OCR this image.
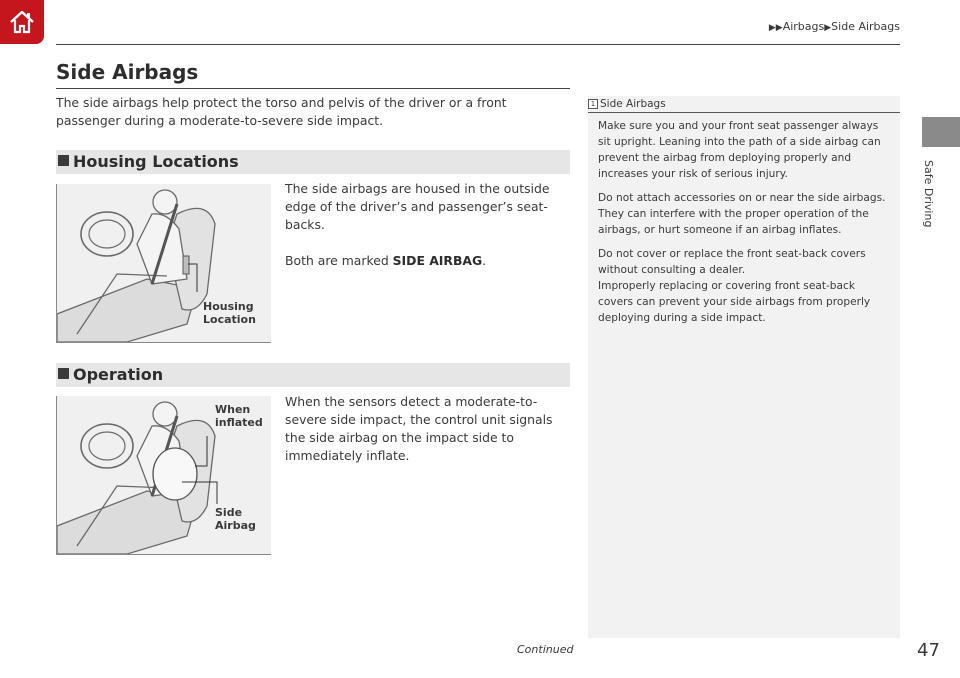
▶▶Airbags▶Side Airbags
Side Airbags
The side airbags help protect the torso and pelvis of the driver or a front passenger during a moderate-to-severe side impact.
Housing Locations
Housing
Location
The side airbags are housed in the outside edge of the driver’s and passenger’s seat-backs.
Both are marked SIDE AIRBAG.
Operation
When
inflated
Side
Airbag
When the sensors detect a moderate-to-severe side impact, the control unit signals the side airbag on the impact side to immediately inflate.
1 Side Airbags

Make sure you and your front seat passenger always sit upright. Leaning into the path of a side airbag can prevent the airbag from deploying properly and increases your risk of serious injury.

Do not attach accessories on or near the side airbags. They can interfere with the proper operation of the airbags, or hurt someone if an airbag inflates.

Do not cover or replace the front seat-back covers without consulting a dealer.

Improperly replacing or covering front seat-back covers can prevent your side airbags from properly deploying during a side impact.

Safe Driving
Continued	47
